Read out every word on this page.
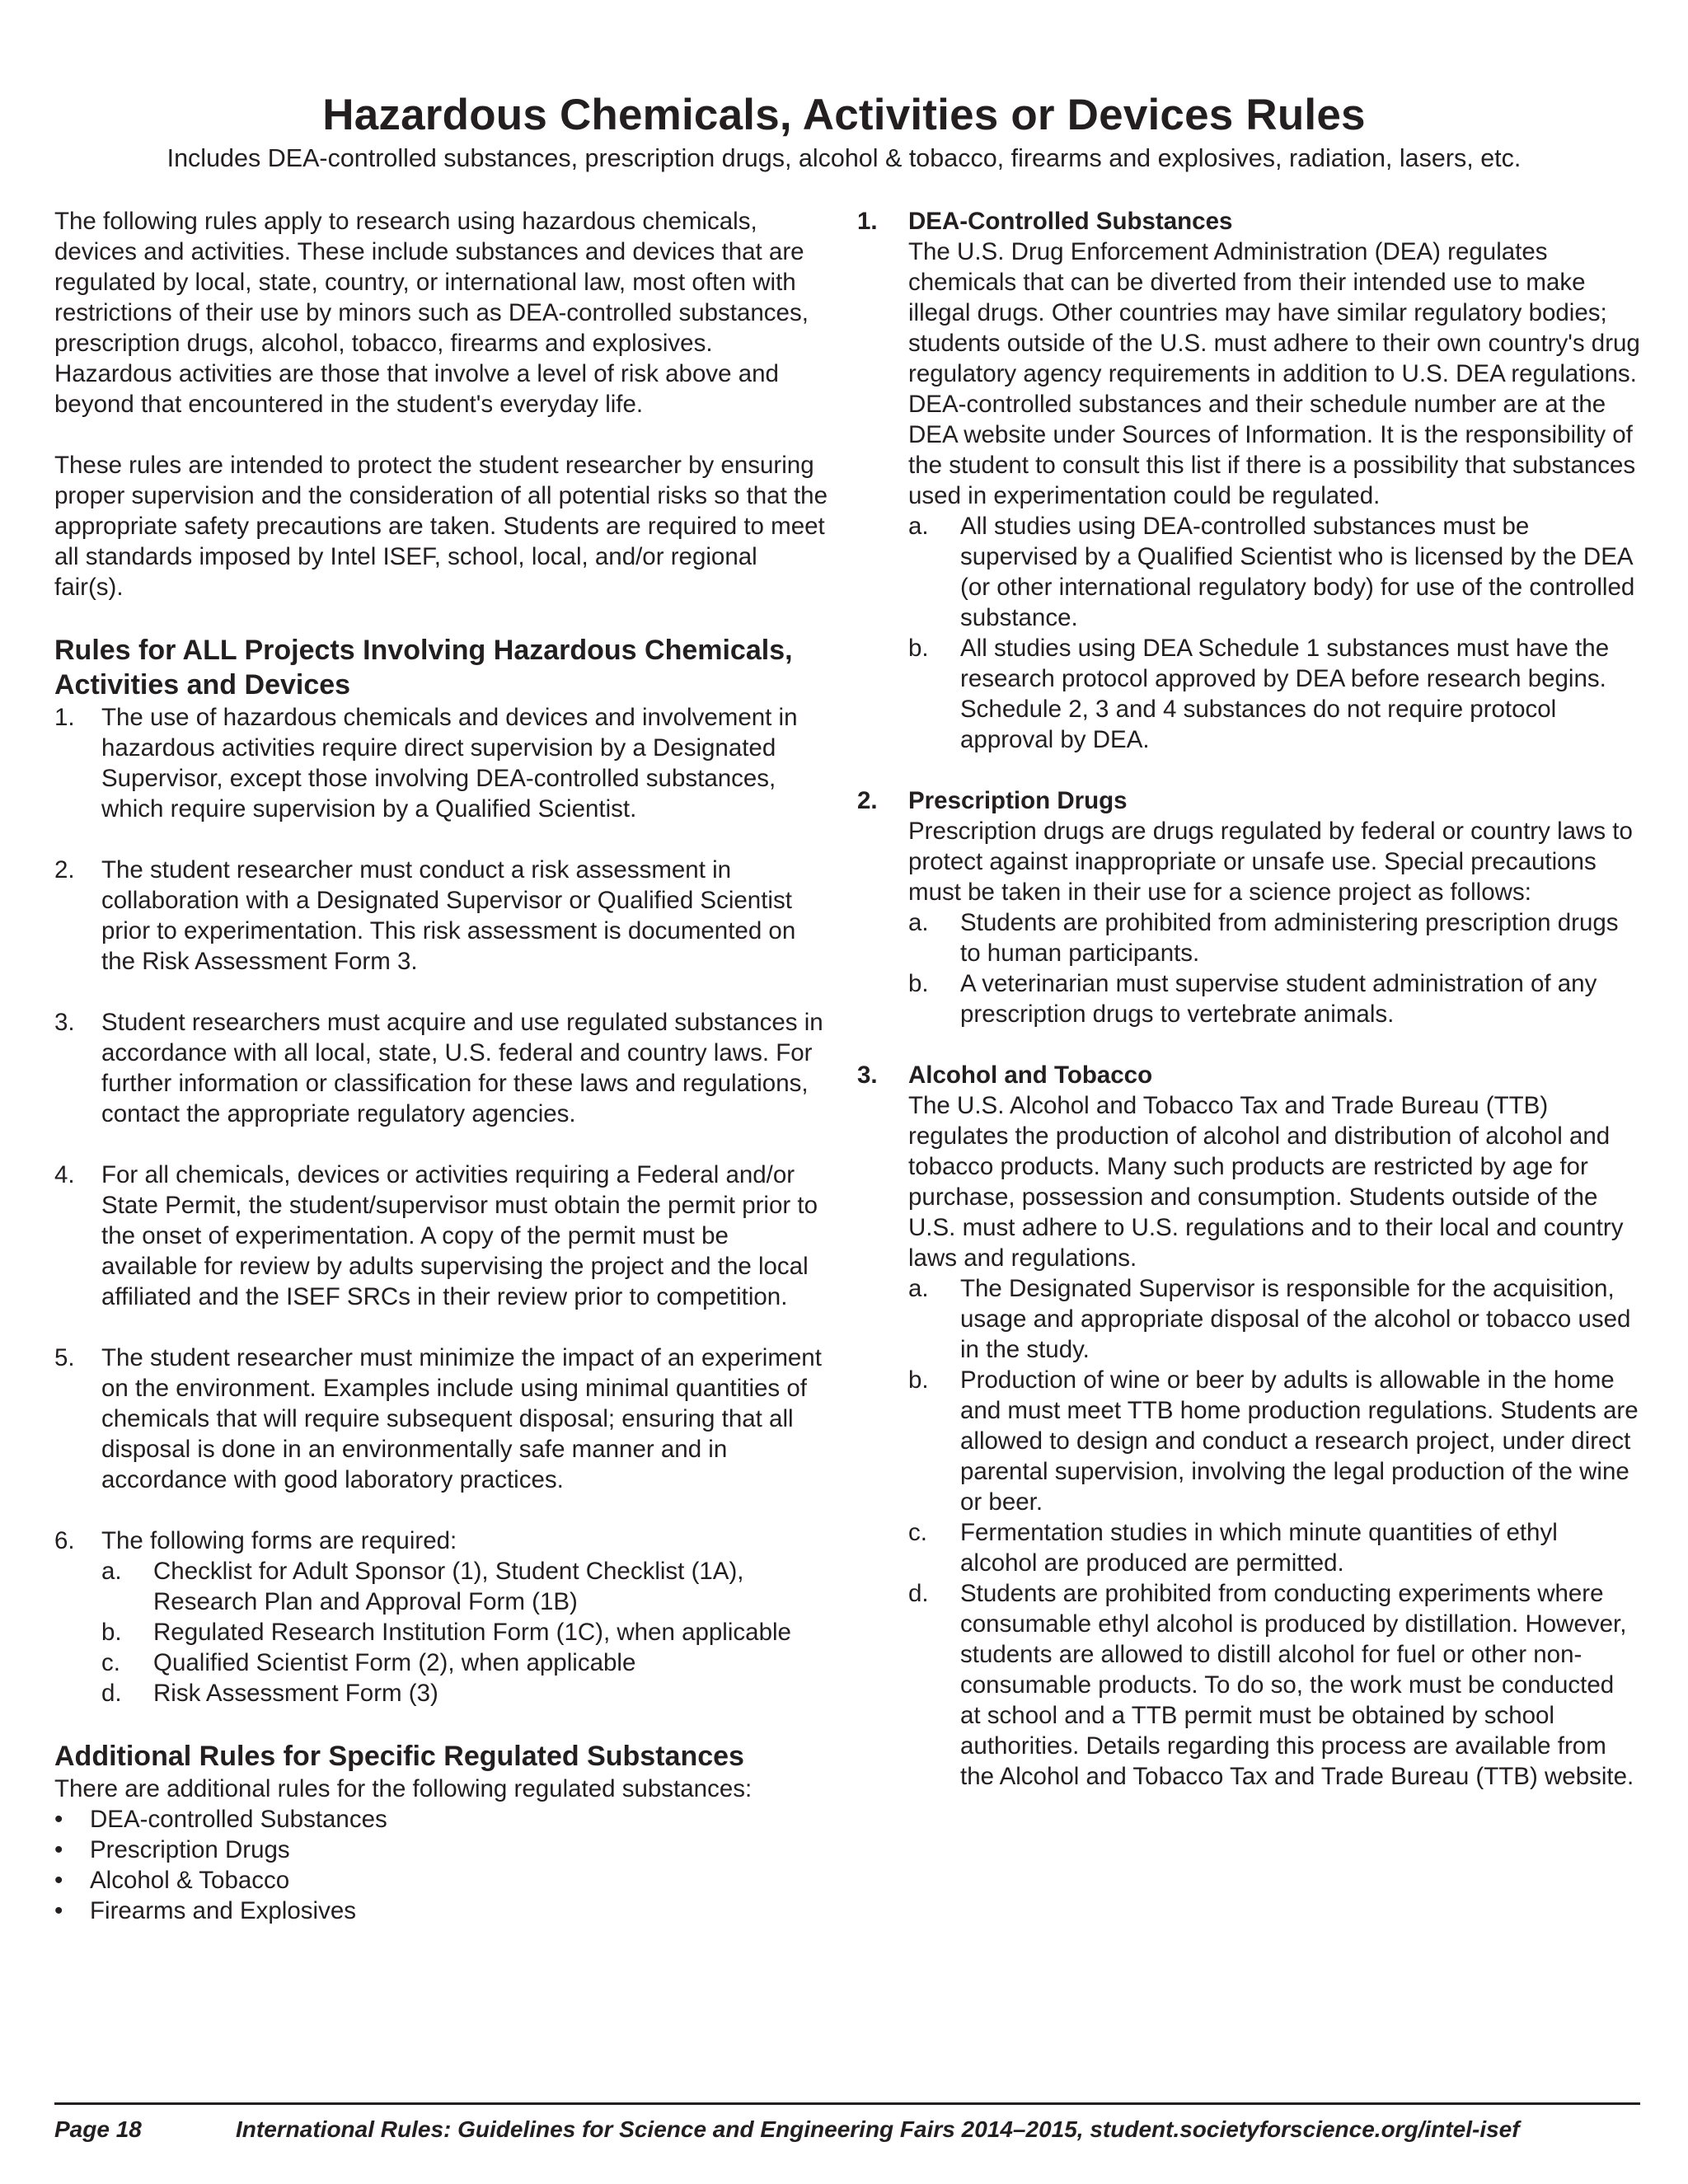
Hazardous Chemicals, Activities or Devices Rules
Includes DEA-controlled substances, prescription drugs, alcohol & tobacco, firearms and explosives, radiation, lasers, etc.

The following rules apply to research using hazardous chemicals, devices and activities. These include substances and devices that are regulated by local, state, country, or international law, most often with restrictions of their use by minors such as DEA-controlled substances, prescription drugs, alcohol, tobacco, firearms and explosives. Hazardous activities are those that involve a level of risk above and beyond that encountered in the student's everyday life.

These rules are intended to protect the student researcher by ensuring proper supervision and the consideration of all potential risks so that the appropriate safety precautions are taken. Students are required to meet all standards imposed by Intel ISEF, school, local, and/or regional fair(s).

Rules for ALL Projects Involving Hazardous Chemicals, Activities and Devices
1. The use of hazardous chemicals and devices and involvement in hazardous activities require direct supervision by a Designated Supervisor, except those involving DEA-controlled substances, which require supervision by a Qualified Scientist.
2. The student researcher must conduct a risk assessment in collaboration with a Designated Supervisor or Qualified Scientist prior to experimentation. This risk assessment is documented on the Risk Assessment Form 3.
3. Student researchers must acquire and use regulated substances in accordance with all local, state, U.S. federal and country laws. For further information or classification for these laws and regulations, contact the appropriate regulatory agencies.
4. For all chemicals, devices or activities requiring a Federal and/or State Permit, the student/supervisor must obtain the permit prior to the onset of experimentation. A copy of the permit must be available for review by adults supervising the project and the local affiliated and the ISEF SRCs in their review prior to competition.
5. The student researcher must minimize the impact of an experiment on the environment. Examples include using minimal quantities of chemicals that will require subsequent disposal; ensuring that all disposal is done in an environmentally safe manner and in accordance with good laboratory practices.
6. The following forms are required:
a. Checklist for Adult Sponsor (1), Student Checklist (1A), Research Plan and Approval Form (1B)
b. Regulated Research Institution Form (1C), when applicable
c. Qualified Scientist Form (2), when applicable
d. Risk Assessment Form (3)
Additional Rules for Specific Regulated Substances

There are additional rules for the following regulated substances:

• DEA-controlled Substances
• Prescription Drugs
• Alcohol & Tobacco
• Firearms and Explosives
1. DEA-Controlled Substances

The U.S. Drug Enforcement Administration (DEA) regulates chemicals that can be diverted from their intended use to make illegal drugs. Other countries may have similar regulatory bodies; students outside of the U.S. must adhere to their own country's drug regulatory agency requirements in addition to U.S. DEA regulations. DEA-controlled substances and their schedule number are at the DEA website under Sources of Information. It is the responsibility of the student to consult this list if there is a possibility that substances used in experimentation could be regulated.

a. All studies using DEA-controlled substances must be supervised by a Qualified Scientist who is licensed by the DEA (or other international regulatory body) for use of the controlled substance.
b. All studies using DEA Schedule 1 substances must have the research protocol approved by DEA before research begins. Schedule 2, 3 and 4 substances do not require protocol approval by DEA.
2. Prescription Drugs

Prescription drugs are drugs regulated by federal or country laws to protect against inappropriate or unsafe use. Special precautions must be taken in their use for a science project as follows:

a. Students are prohibited from administering prescription drugs to human participants.
b. A veterinarian must supervise student administration of any prescription drugs to vertebrate animals.
3. Alcohol and Tobacco

The U.S. Alcohol and Tobacco Tax and Trade Bureau (TTB) regulates the production of alcohol and distribution of alcohol and tobacco products. Many such products are restricted by age for purchase, possession and consumption. Students outside of the U.S. must adhere to U.S. regulations and to their local and country laws and regulations.

a. The Designated Supervisor is responsible for the acquisition, usage and appropriate disposal of the alcohol or tobacco used in the study.
b. Production of wine or beer by adults is allowable in the home and must meet TTB home production regulations. Students are allowed to design and conduct a research project, under direct parental supervision, involving the legal production of the wine or beer.
c. Fermentation studies in which minute quantities of ethyl alcohol are produced are permitted.
d. Students are prohibited from conducting experiments where consumable ethyl alcohol is produced by distillation. However, students are allowed to distill alcohol for fuel or other non-consumable products. To do so, the work must be conducted at school and a TTB permit must be obtained by school authorities. Details regarding this process are available from the Alcohol and Tobacco Tax and Trade Bureau (TTB) website.
Page 18	International Rules: Guidelines for Science and Engineering Fairs 2014–2015, student.societyforscience.org/intel-isef
